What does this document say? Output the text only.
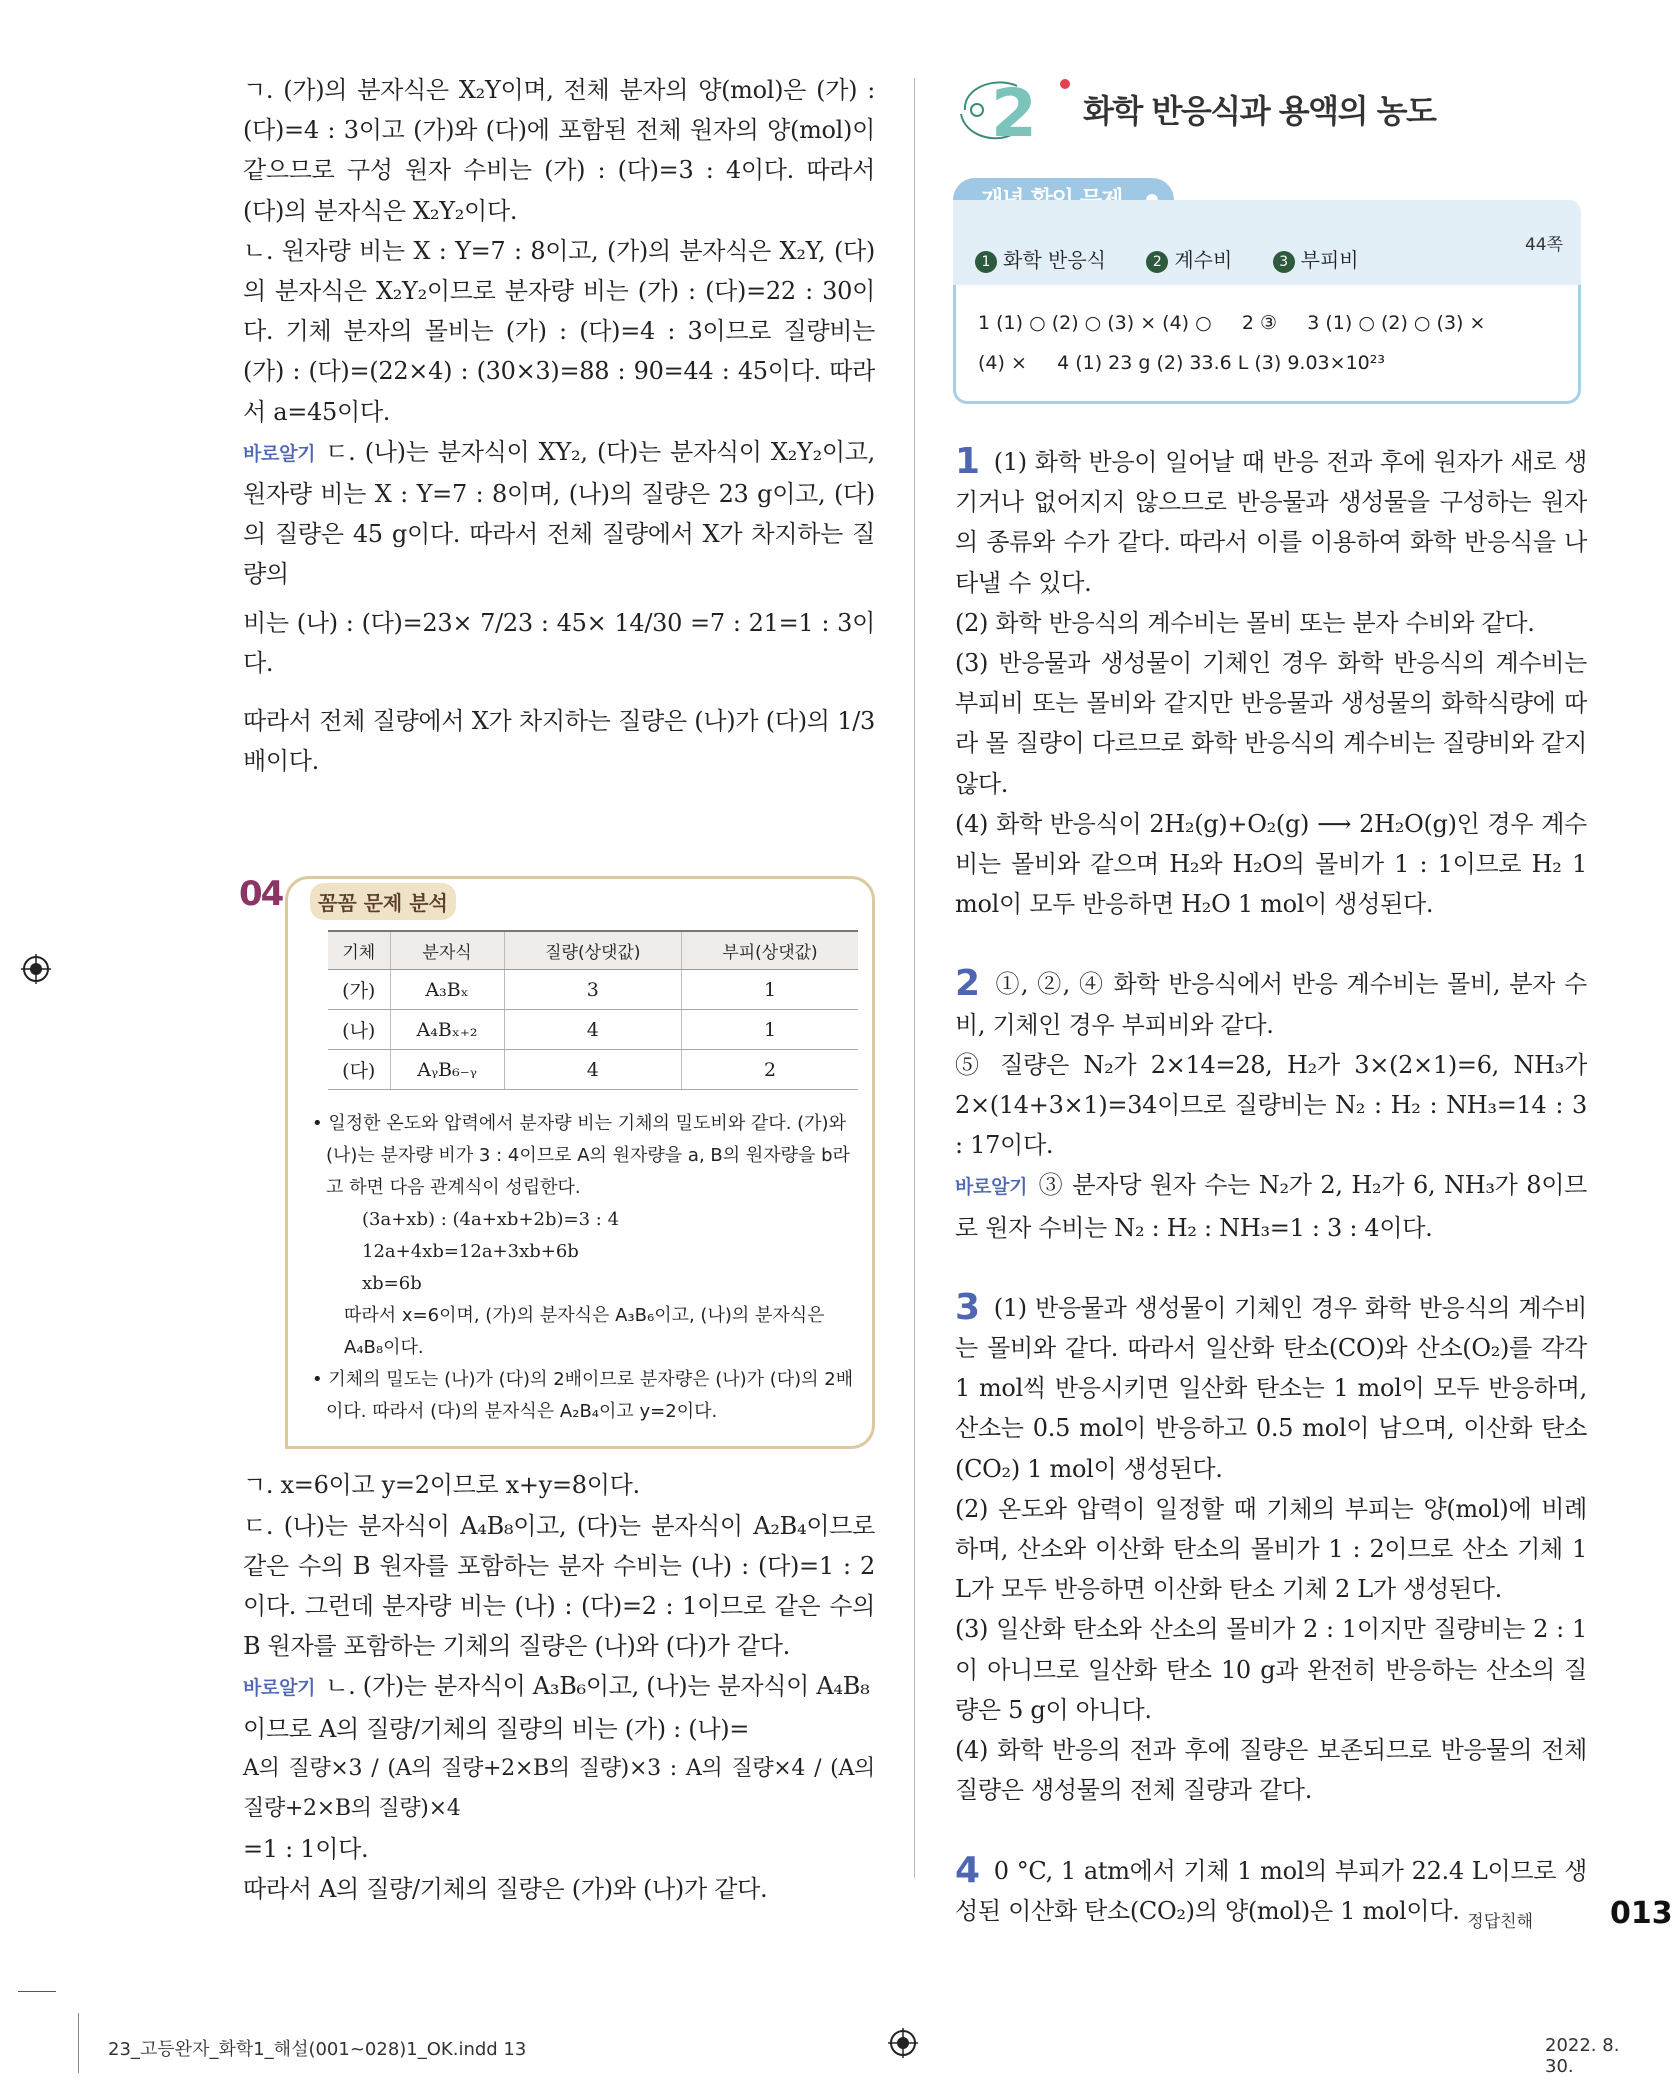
ㄱ. (가)의 분자식은 X₂Y이며, 전체 분자의 양(mol)은 (가) : (다)=4 : 3이고 (가)와 (다)에 포함된 전체 원자의 양(mol)이 같으므로 구성 원자 수비는 (가) : (다)=3 : 4이다. 따라서 (다)의 분자식은 X₂Y₂이다.

ㄴ. 원자량 비는 X : Y=7 : 8이고, (가)의 분자식은 X₂Y, (다)의 분자식은 X₂Y₂이므로 분자량 비는 (가) : (다)=22 : 30이다. 기체 분자의 몰비는 (가) : (다)=4 : 3이므로 질량비는 (가) : (다)=(22×4) : (30×3)=88 : 90=44 : 45이다. 따라서 a=45이다.

바로알기 ㄷ. (나)는 분자식이 XY₂, (다)는 분자식이 X₂Y₂이고, 원자량 비는 X : Y=7 : 8이며, (나)의 질량은 23 g이고, (다)의 질량은 45 g이다. 따라서 전체 질량에서 X가 차지하는 질량의

비는 (나) : (다)=23× 7/23 : 45× 14/30 =7 : 21=1 : 3이다.

따라서 전체 질량에서 X가 차지하는 질량은 (나)가 (다)의 1/3배이다.

04	꼼꼼 문제 분석
기체	분자식	질량(상댓값)	부피(상댓값)
(가)	A₃Bₓ	3	1
(나)	A₄Bₓ₊₂	4	1
(다)	AᵧB₆₋ᵧ	4	2

• 일정한 온도와 압력에서 분자량 비는 기체의 밀도비와 같다. (가)와 (나)는 분자량 비가 3 : 4이므로 A의 원자량을 a, B의 원자량을 b라고 하면 다음 관계식이 성립한다.

(3a+xb) : (4a+xb+2b)=3 : 4

12a+4xb=12a+3xb+6b

xb=6b

따라서 x=6이며, (가)의 분자식은 A₃B₆이고, (나)의 분자식은 A₄B₈이다.

• 기체의 밀도는 (나)가 (다)의 2배이므로 분자량은 (나)가 (다)의 2배이다. 따라서 (다)의 분자식은 A₂B₄이고 y=2이다.

ㄱ. x=6이고 y=2이므로 x+y=8이다.

ㄷ. (나)는 분자식이 A₄B₈이고, (다)는 분자식이 A₂B₄이므로 같은 수의 B 원자를 포함하는 분자 수비는 (나) : (다)=1 : 2이다. 그런데 분자량 비는 (나) : (다)=2 : 1이므로 같은 수의 B 원자를 포함하는 기체의 질량은 (나)와 (다)가 같다.

바로알기 ㄴ. (가)는 분자식이 A₃B₆이고, (나)는 분자식이 A₄B₈

이므로 A의 질량/기체의 질량의 비는 (가) : (나)=

A의 질량×3 / (A의 질량+2×B의 질량)×3 : A의 질량×4 / (A의 질량+2×B의 질량)×4

=1 : 1이다.

따라서 A의 질량/기체의 질량은 (가)와 (나)가 같다.

2 화학 반응식과 용액의 농도
44쪽
1 화학 반응식	2 계수비	3 부피비
1 (1) ○ (2) ○ (3) × (4) ○     2 ③     3 (1) ○ (2) ○ (3) ×
(4) ×     4 (1) 23 g (2) 33.6 L (3) 9.03×10²³

1 (1) 화학 반응이 일어날 때 반응 전과 후에 원자가 새로 생기거나 없어지지 않으므로 반응물과 생성물을 구성하는 원자의 종류와 수가 같다. 따라서 이를 이용하여 화학 반응식을 나타낼 수 있다.

(2) 화학 반응식의 계수비는 몰비 또는 분자 수비와 같다.

(3) 반응물과 생성물이 기체인 경우 화학 반응식의 계수비는 부피비 또는 몰비와 같지만 반응물과 생성물의 화학식량에 따라 몰 질량이 다르므로 화학 반응식의 계수비는 질량비와 같지 않다.

(4) 화학 반응식이 2H₂(g)+O₂(g) ⟶ 2H₂O(g)인 경우 계수비는 몰비와 같으며 H₂와 H₂O의 몰비가 1 : 1이므로 H₂ 1 mol이 모두 반응하면 H₂O 1 mol이 생성된다.

2 ①, ②, ④ 화학 반응식에서 반응 계수비는 몰비, 분자 수비, 기체인 경우 부피비와 같다.

⑤ 질량은 N₂가 2×14=28, H₂가 3×(2×1)=6, NH₃가 2×(14+3×1)=34이므로 질량비는 N₂ : H₂ : NH₃=14 : 3 : 17이다.

바로알기 ③ 분자당 원자 수는 N₂가 2, H₂가 6, NH₃가 8이므로 원자 수비는 N₂ : H₂ : NH₃=1 : 3 : 4이다.

3 (1) 반응물과 생성물이 기체인 경우 화학 반응식의 계수비는 몰비와 같다. 따라서 일산화 탄소(CO)와 산소(O₂)를 각각 1 mol씩 반응시키면 일산화 탄소는 1 mol이 모두 반응하며, 산소는 0.5 mol이 반응하고 0.5 mol이 남으며, 이산화 탄소(CO₂) 1 mol이 생성된다.

(2) 온도와 압력이 일정할 때 기체의 부피는 양(mol)에 비례하며, 산소와 이산화 탄소의 몰비가 1 : 2이므로 산소 기체 1 L가 모두 반응하면 이산화 탄소 기체 2 L가 생성된다.

(3) 일산화 탄소와 산소의 몰비가 2 : 1이지만 질량비는 2 : 1이 아니므로 일산화 탄소 10 g과 완전히 반응하는 산소의 질량은 5 g이 아니다.

(4) 화학 반응의 전과 후에 질량은 보존되므로 반응물의 전체 질량은 생성물의 전체 질량과 같다.

4 0 °C, 1 atm에서 기체 1 mol의 부피가 22.4 L이므로 생성된 이산화 탄소(CO₂)의 양(mol)은 1 mol이다. 정답친해	013
23_고등완자_화학1_해설(001~028)1_OK.indd 13	2022. 8. 30.
